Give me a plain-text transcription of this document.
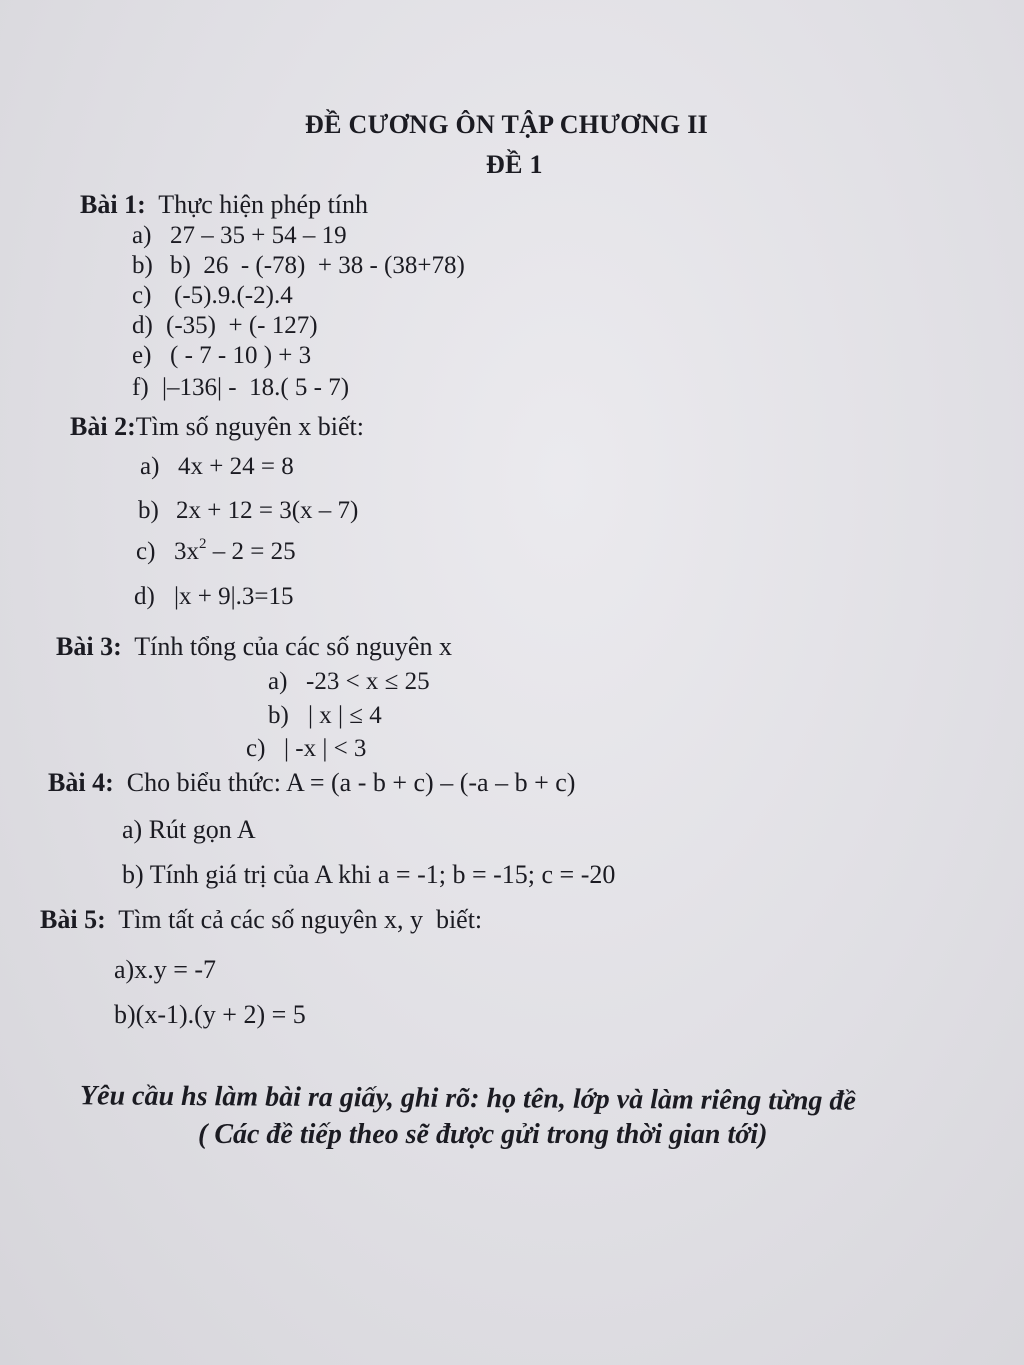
ĐỀ CƯƠNG ÔN TẬP CHƯƠNG II
ĐỀ 1
Bài 1: Thực hiện phép tính
a) 27 – 35 + 54 – 19
b) b)  26  - (-78)  + 38 - (38+78)
c) (-5).9.(-2).4
d) (-35)  + (- 127)
e) ( - 7 - 10 ) + 3
f) |–136| -  18.( 5 - 7)
Bài 2:Tìm số nguyên x biết:
a) 4x + 24 = 8
b) 2x + 12 = 3(x – 7)
c) $3x^2 - 2 = 25$
d) |x + 9|.3=15
Bài 3: Tính tổng của các số nguyên x
a) -23 < x ≤ 25
b) | x | ≤ 4
c) | -x | < 3
Bài 4: Cho biểu thức: A = (a - b + c) – (-a – b + c)
a) Rút gọn A
b) Tính giá trị của A khi a = -1; b = -15; c = -20
Bài 5: Tìm tất cả các số nguyên x, y  biết:
a)x.y = -7
b)(x-1).(y + 2) = 5
Yêu cầu hs làm bài ra giấy, ghi rõ: họ tên, lớp và làm riêng từng đề
( Các đề tiếp theo sẽ được gửi trong thời gian tới)
